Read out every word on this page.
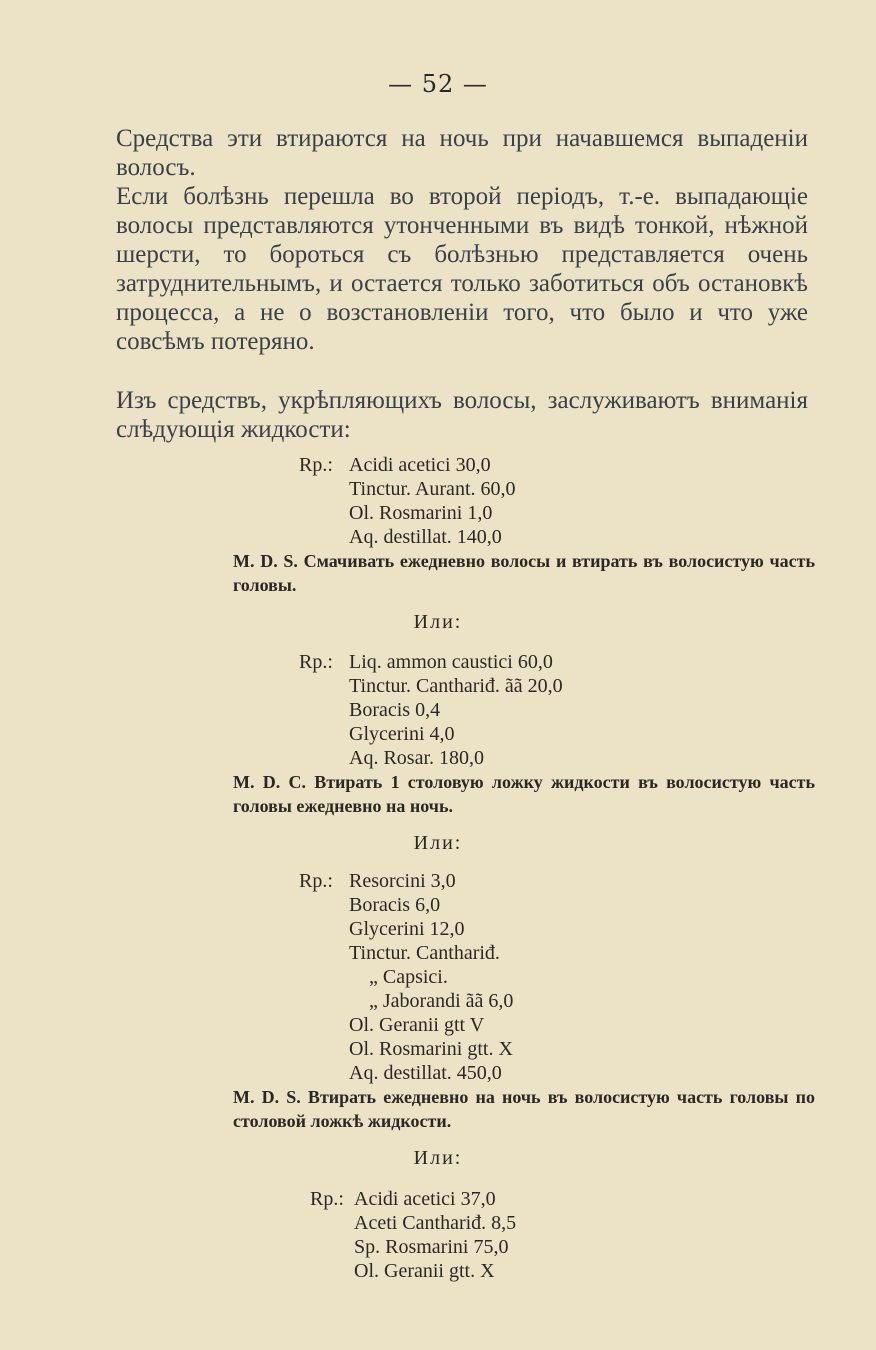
— 52 —
Средства эти втираются на ночь при начавшемся выпаденіи волосъ.
Если болѣзнь перешла во второй періодъ, т.-е. выпадающіе волосы представляются утонченными въ видѣ тонкой, нѣжной шерсти, то бороться съ болѣзнью представляется очень затруднительнымъ, и остается только заботиться объ остановкѣ процесса, а не о возстановленіи того, что было и что уже совсѣмъ потеряно.
Изъ средствъ, укрѣпляющихъ волосы, заслуживаютъ вниманія слѣдующія жидкости:
Rp.: Acidi acetici 30,0
Tinctur. Aurant. 60,0
Ol. Rosmarini 1,0
Aq. destillat. 140,0
M. D. S. Смачивать ежедневно волосы и втирать въ волосистую часть головы.
Или:
Rp.: Liq. ammon caustici 60,0
Tinctur. Canthariđ. ãã 20,0
Boracis 0,4
Glycerini 4,0
Aq. Rosar. 180,0
M. D. C. Втирать 1 столовую ложку жидкости въ волосистую часть головы ежедневно на ночь.
Или:
Rp.: Resorcini 3,0
Boracis 6,0
Glycerini 12,0
Tinctur. Canthariđ.
„ Capsici.
„ Jaborandi ãã 6,0
Ol. Geranii gtt V
Ol. Rosmarini gtt. X
Aq. destillat. 450,0
M. D. S. Втирать ежедневно на ночь въ волосистую часть головы по столовой ложкѣ жидкости.
Или:
Rp.: Acidi acetici 37,0
Aceti Canthariđ. 8,5
Sp. Rosmarini 75,0
Ol. Geranii gtt. X
